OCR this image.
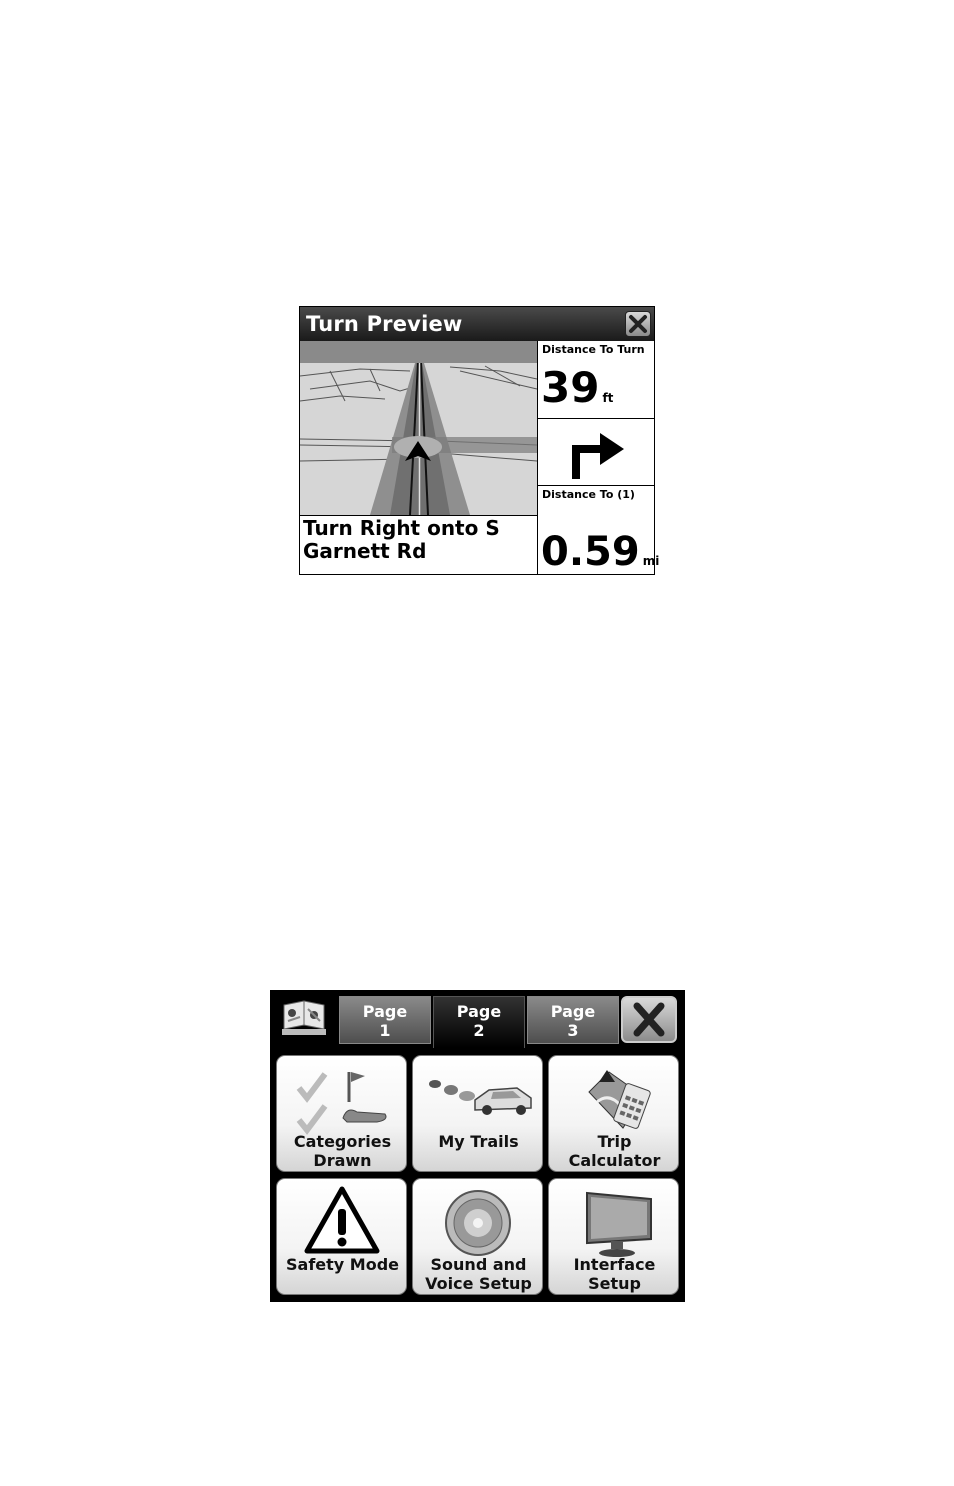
Turn Preview
Turn Right onto S Garnett Rd
Distance To Turn
39 ft
Distance To (1)
0.59 mi
Page
1
Page
2
Page
3
Categories
Drawn
My Trails	Trip Calculator
Safety Mode	Sound and
Voice Setup
Interface Setup
